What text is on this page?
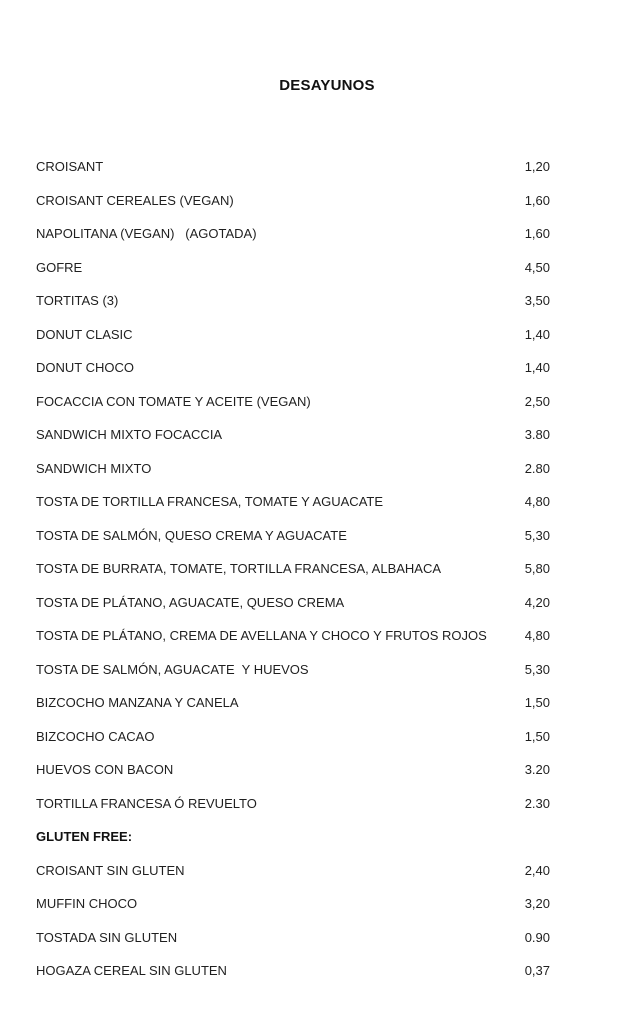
DESAYUNOS
CROISANT	1,20
CROISANT CEREALES (VEGAN)	1,60
NAPOLITANA (VEGAN)   (AGOTADA)	1,60
GOFRE	4,50
TORTITAS (3)	3,50
DONUT CLASIC	1,40
DONUT CHOCO	1,40
FOCACCIA CON TOMATE Y ACEITE (VEGAN)	2,50
SANDWICH MIXTO FOCACCIA	3.80
SANDWICH MIXTO	2.80
TOSTA DE TORTILLA FRANCESA, TOMATE Y AGUACATE	4,80
TOSTA DE SALMÓN, QUESO CREMA Y AGUACATE	5,30
TOSTA DE BURRATA, TOMATE, TORTILLA FRANCESA, ALBAHACA	5,80
TOSTA DE PLÁTANO, AGUACATE, QUESO CREMA	4,20
TOSTA DE PLÁTANO, CREMA DE AVELLANA Y CHOCO Y FRUTOS ROJOS	4,80
TOSTA DE SALMÓN, AGUACATE  Y HUEVOS	5,30
BIZCOCHO MANZANA Y CANELA	1,50
BIZCOCHO CACAO	1,50
HUEVOS CON BACON	3.20
TORTILLA FRANCESA Ó REVUELTO	2.30
GLUTEN FREE:
CROISANT SIN GLUTEN	2,40
MUFFIN CHOCO	3,20
TOSTADA SIN GLUTEN	0.90
HOGAZA CEREAL SIN GLUTEN	0,37
